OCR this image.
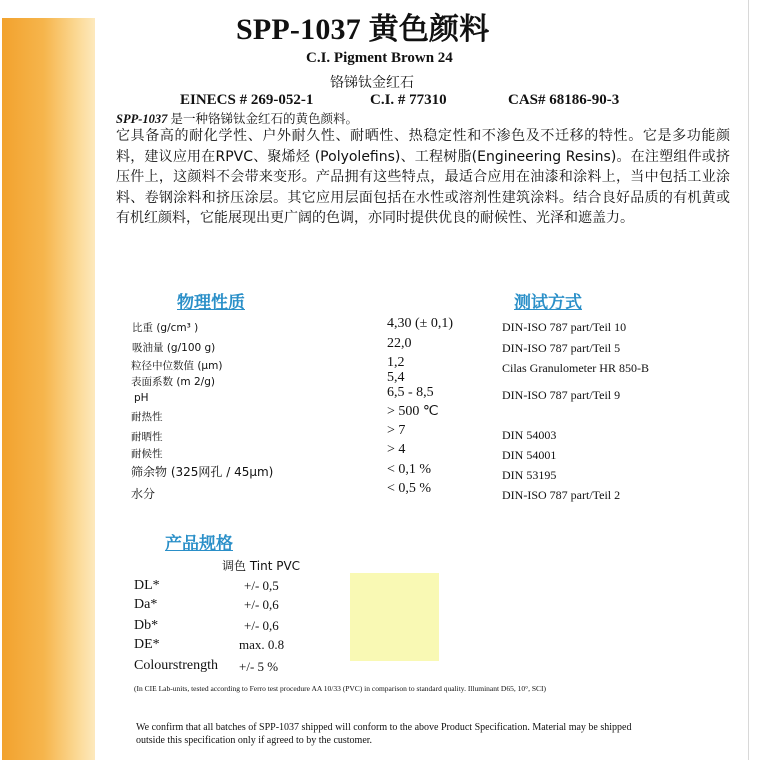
SPP-1037 黄色颜料
C.I. Pigment Brown 24
铬锑钛金红石
EINECS # 269-052-1	C.I. # 77310	CAS# 68186-90-3
SPP-1037 是一种铬锑钛金红石的黄色颜料。
它具备高的耐化学性、户外耐久性、耐晒性、热稳定性和不渗色及不迁移的特性。它是多功能颜料，建议应用在RPVC、聚烯烃 (Polyolefins)、工程树脂(Engineering Resins)。在注塑组件或挤压件上，这颜料不会带来变形。产品拥有这些特点，最适合应用在油漆和涂料上，当中包括工业涂料、卷钢涂料和挤压涂层。其它应用层面包括在水性或溶剂性建筑涂料。结合良好品质的有机黄或有机红颜料，它能展现出更广阔的色调，亦同时提供优良的耐候性、光泽和遮盖力。
物理性质	测试方式
比重 (g/cm³ )	4,30 (± 0,1)	DIN-ISO 787 part/Teil 10
吸油量 (g/100 g)	22,0	DIN-ISO 787 part/Teil 5
粒径中位数值 (μm)	1,2	Cilas Granulometer HR 850-B
表面系数 (m 2/g)	5,4
pH	6,5 - 8,5	DIN-ISO 787 part/Teil 9
耐热性	> 500 ℃
耐晒性	> 7	DIN 54003
耐候性	> 4	DIN 54001
筛余物 (325网孔 / 45μm)	< 0,1 %	DIN 53195
水分	< 0,5 %	DIN-ISO 787 part/Teil 2
产品规格
调色 Tint PVC
DL*	+/- 0,5
Da*	+/- 0,6
Db*	+/- 0,6
DE*	max. 0.8
Colourstrength +/- 5 %
(In CIE Lab-units, tested according to Ferro test procedure AA 10/33 (PVC) in comparison to standard quality. Illuminant D65, 10°, SCI)
We confirm that all batches of SPP-1037 shipped will conform to the above Product Specification. Material may be shipped outside this specification only if agreed to by the customer.
